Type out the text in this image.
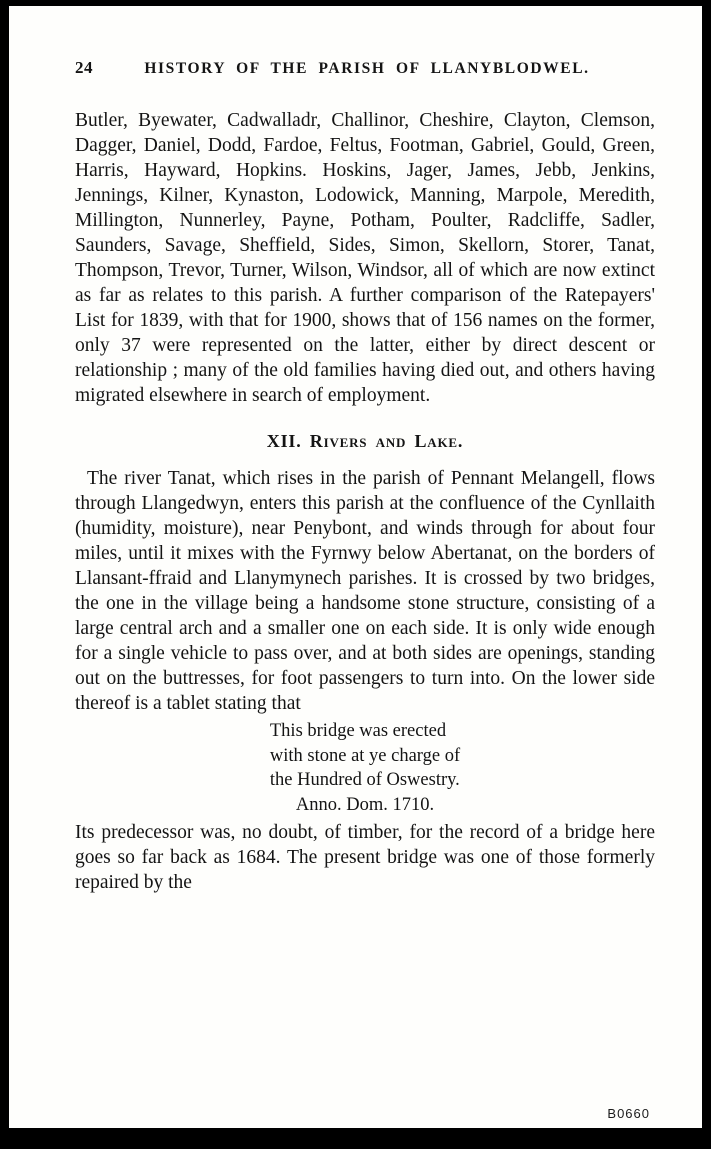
24	HISTORY OF THE PARISH OF LLANYBLODWEL.

Butler, Byewater, Cadwalladr, Challinor, Cheshire, Clayton, Clemson, Dagger, Daniel, Dodd, Fardoe, Feltus, Footman, Gabriel, Gould, Green, Harris, Hayward, Hopkins. Hoskins, Jager, James, Jebb, Jenkins, Jennings, Kilner, Kynaston, Lodowick, Manning, Marpole, Meredith, Millington, Nunnerley, Payne, Potham, Poulter, Radcliffe, Sadler, Saunders, Savage, Sheffield, Sides, Simon, Skellorn, Storer, Tanat, Thompson, Trevor, Turner, Wilson, Windsor, all of which are now extinct as far as relates to this parish. A further comparison of the Ratepayers' List for 1839, with that for 1900, shows that of 156 names on the former, only 37 were represented on the latter, either by direct descent or relationship ; many of the old families having died out, and others having migrated elsewhere in search of employment.

XII. Rivers and Lake.

The river Tanat, which rises in the parish of Pennant Melangell, flows through Llangedwyn, enters this parish at the confluence of the Cynllaith (humidity, moisture), near Penybont, and winds through for about four miles, until it mixes with the Fyrnwy below Abertanat, on the borders of Llansant-ffraid and Llanymynech parishes. It is crossed by two bridges, the one in the village being a handsome stone structure, consisting of a large central arch and a smaller one on each side. It is only wide enough for a single vehicle to pass over, and at both sides are openings, standing out on the buttresses, for foot passengers to turn into. On the lower side thereof is a tablet stating that

This bridge was erected
with stone at ye charge of
the Hundred of Oswestry.
Anno. Dom. 1710.

Its predecessor was, no doubt, of timber, for the record of a bridge here goes so far back as 1684. The present bridge was one of those formerly repaired by the

B0660
